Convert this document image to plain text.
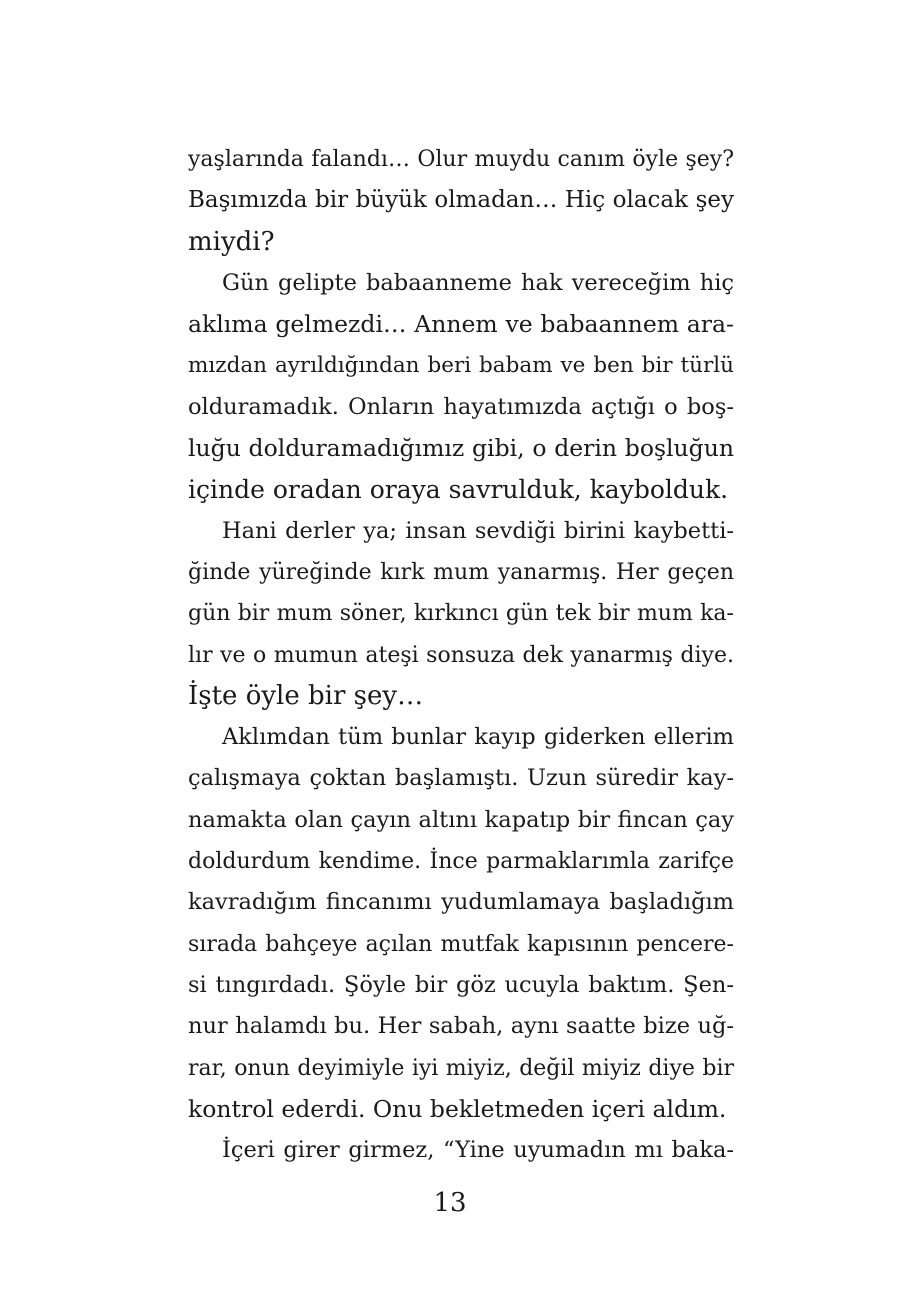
yaşlarında falandı… Olur muydu canım öyle şey?
Başımızda bir büyük olmadan… Hiç olacak şey
miydi?
Gün gelipte babaanneme hak vereceğim hiç
aklıma gelmezdi… Annem ve babaannem ara-
mızdan ayrıldığından beri babam ve ben bir türlü
olduramadık. Onların hayatımızda açtığı o boş-
luğu dolduramadığımız gibi, o derin boşluğun
içinde oradan oraya savrulduk, kaybolduk.
Hani derler ya; insan sevdiği birini kaybetti-
ğinde yüreğinde kırk mum yanarmış. Her geçen
gün bir mum söner, kırkıncı gün tek bir mum ka-
lır ve o mumun ateşi sonsuza dek yanarmış diye.
İşte öyle bir şey…
Aklımdan tüm bunlar kayıp giderken ellerim
çalışmaya çoktan başlamıştı. Uzun süredir kay-
namakta olan çayın altını kapatıp bir fincan çay
doldurdum kendime. İnce parmaklarımla zarifçe
kavradığım fincanımı yudumlamaya başladığım
sırada bahçeye açılan mutfak kapısının pencere-
si tıngırdadı. Şöyle bir göz ucuyla baktım. Şen-
nur halamdı bu. Her sabah, aynı saatte bize uğ-
rar, onun deyimiyle iyi miyiz, değil miyiz diye bir
kontrol ederdi. Onu bekletmeden içeri aldım.
İçeri girer girmez, “Yine uyumadın mı baka-
13
